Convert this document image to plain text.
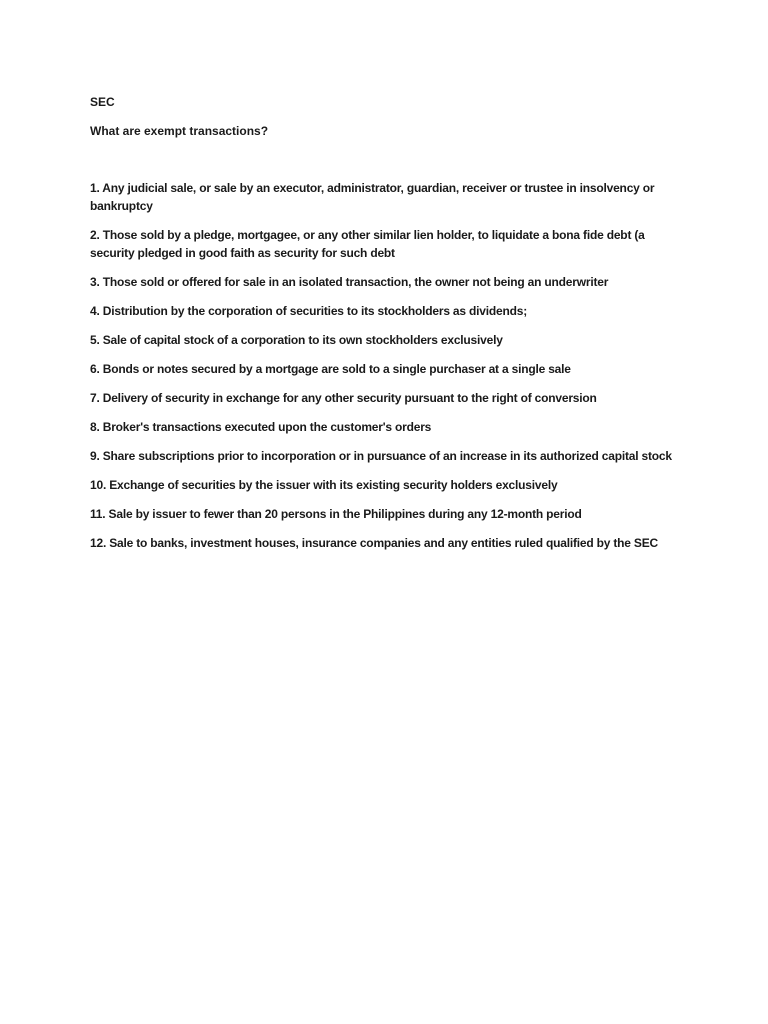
SEC

What are exempt transactions?

1. Any judicial sale, or sale by an executor, administrator, guardian, receiver or trustee in insolvency or bankruptcy
2. Those sold by a pledge, mortgagee, or any other similar lien holder, to liquidate a bona fide debt (a security pledged in good faith as security for such debt
3. Those sold or offered for sale in an isolated transaction, the owner not being an underwriter
4. Distribution by the corporation of securities to its stockholders as dividends;
5. Sale of capital stock of a corporation to its own stockholders exclusively
6. Bonds or notes secured by a mortgage are sold to a single purchaser at a single sale
7. Delivery of security in exchange for any other security pursuant to the right of conversion
8. Broker's transactions executed upon the customer's orders
9. Share subscriptions prior to incorporation or in pursuance of an increase in its authorized capital stock
10. Exchange of securities by the issuer with its existing security holders exclusively
11. Sale by issuer to fewer than 20 persons in the Philippines during any 12-month period
12. Sale to banks, investment houses, insurance companies and any entities ruled qualified by the SEC
